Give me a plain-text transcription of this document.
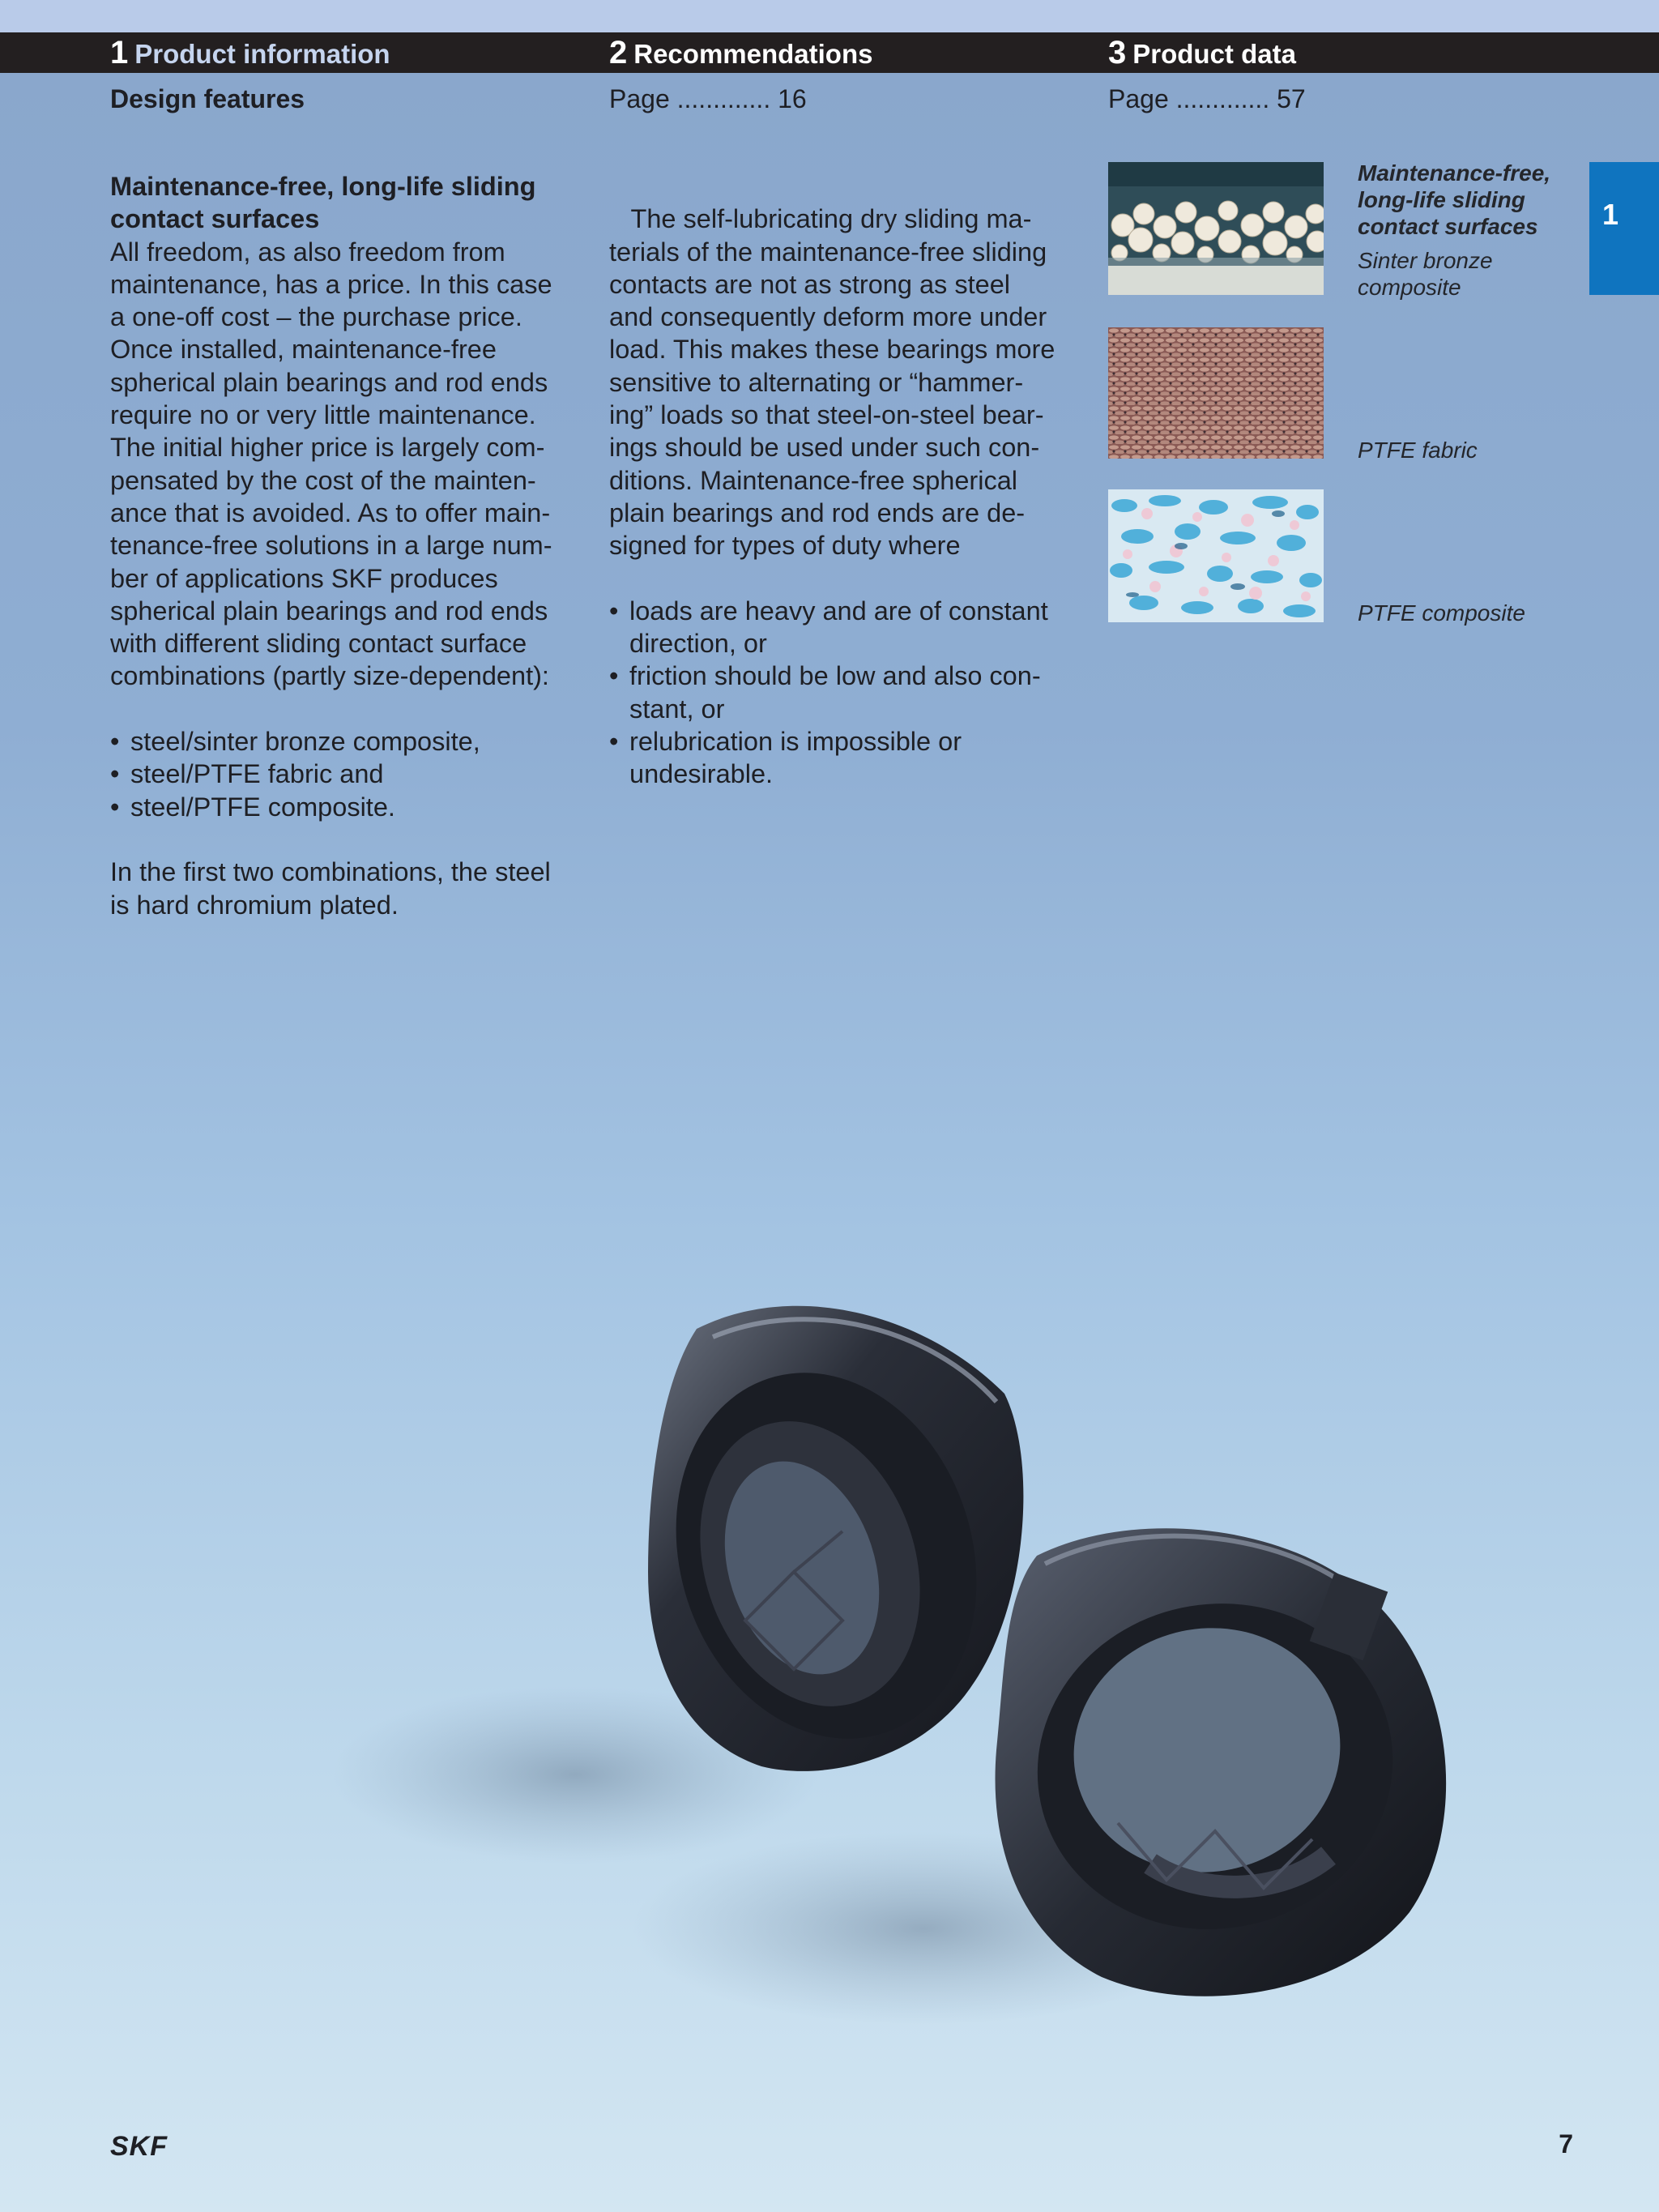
1 Product information	2 Recommendations	3 Product data
Design features	Page ............. 16	Page ............. 57

Maintenance-free, long-life sliding
contact surfaces

All freedom, as also freedom from
maintenance, has a price. In this case
a one-off cost – the purchase price.
Once installed, maintenance-free
spherical plain bearings and rod ends
require no or very little maintenance.
The initial higher price is largely com-
pensated by the cost of the mainten-
ance that is avoided. As to offer main-
tenance-free solutions in a large num-
ber of applications SKF produces
spherical plain bearings and rod ends
with different sliding contact surface
combinations (partly size-dependent):

• steel/sinter bronze composite,
• steel/PTFE fabric and
• steel/PTFE composite.

In the first two combinations, the steel
is hard chromium plated.

The self-lubricating dry sliding ma-
terials of the maintenance-free sliding
contacts are not as strong as steel
and consequently deform more under
load. This makes these bearings more
sensitive to alternating or “hammer-
ing” loads so that steel-on-steel bear-
ings should be used under such con-
ditions. Maintenance-free spherical
plain bearings and rod ends are de-
signed for types of duty where

• loads are heavy and are of constant
direction, or
• friction should be low and also con-
stant, or
• relubrication is impossible or
undesirable.
Maintenance-free,
long-life sliding
contact surfaces
Sinter bronze
composite
PTFE fabric
PTFE composite
1
SKF	7
